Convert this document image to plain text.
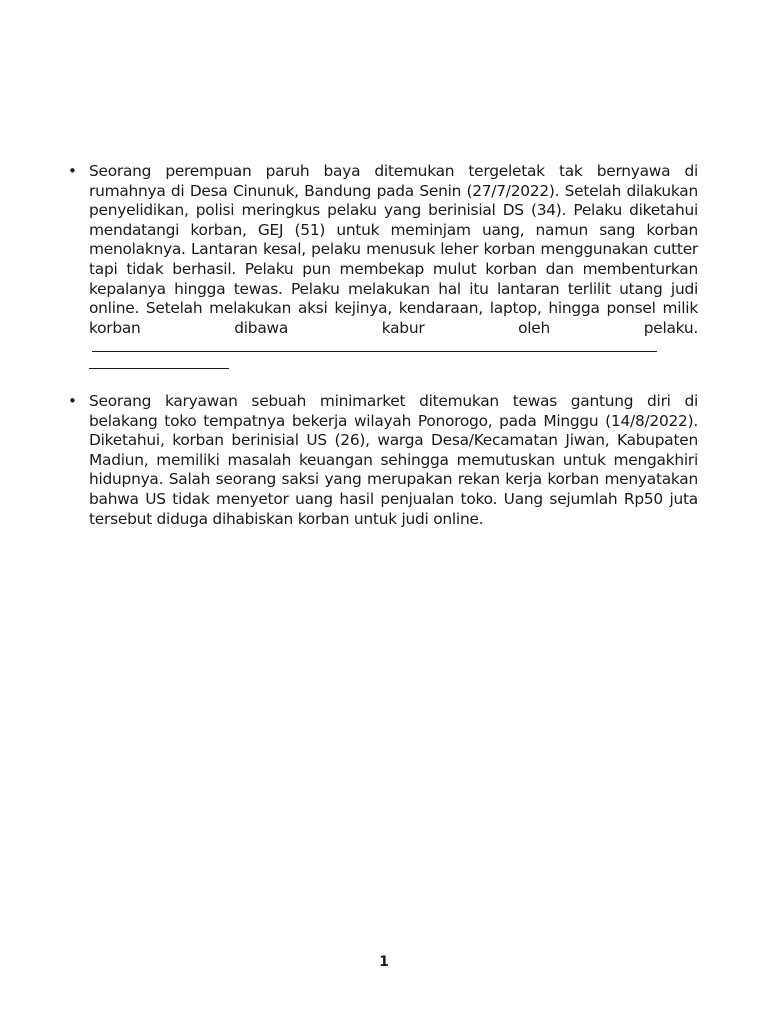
• Seorang perempuan paruh baya ditemukan tergeletak tak bernyawa di rumahnya di Desa Cinunuk, Bandung pada Senin (27/7/2022). Setelah dilakukan penyelidikan, polisi meringkus pelaku yang berinisial DS (34). Pelaku diketahui mendatangi korban, GEJ (51) untuk meminjam uang, namun sang korban menolaknya. Lantaran kesal, pelaku menusuk leher korban menggunakan cutter tapi tidak berhasil. Pelaku pun membekap mulut korban dan membenturkan kepalanya hingga tewas. Pelaku melakukan hal itu lantaran terlilit utang judi online. Setelah melakukan aksi kejinya, kendaraan, laptop, hingga ponsel milik korban dibawa kabur oleh pelaku.

• Seorang karyawan sebuah minimarket ditemukan tewas gantung diri di belakang toko tempatnya bekerja wilayah Ponorogo, pada Minggu (14/8/2022). Diketahui, korban berinisial US (26), warga Desa/Kecamatan Jiwan, Kabupaten Madiun, memiliki masalah keuangan sehingga memutuskan untuk mengakhiri hidupnya. Salah seorang saksi yang merupakan rekan kerja korban menyatakan bahwa US tidak menyetor uang hasil penjualan toko. Uang sejumlah Rp50 juta tersebut diduga dihabiskan korban untuk judi online.

1
